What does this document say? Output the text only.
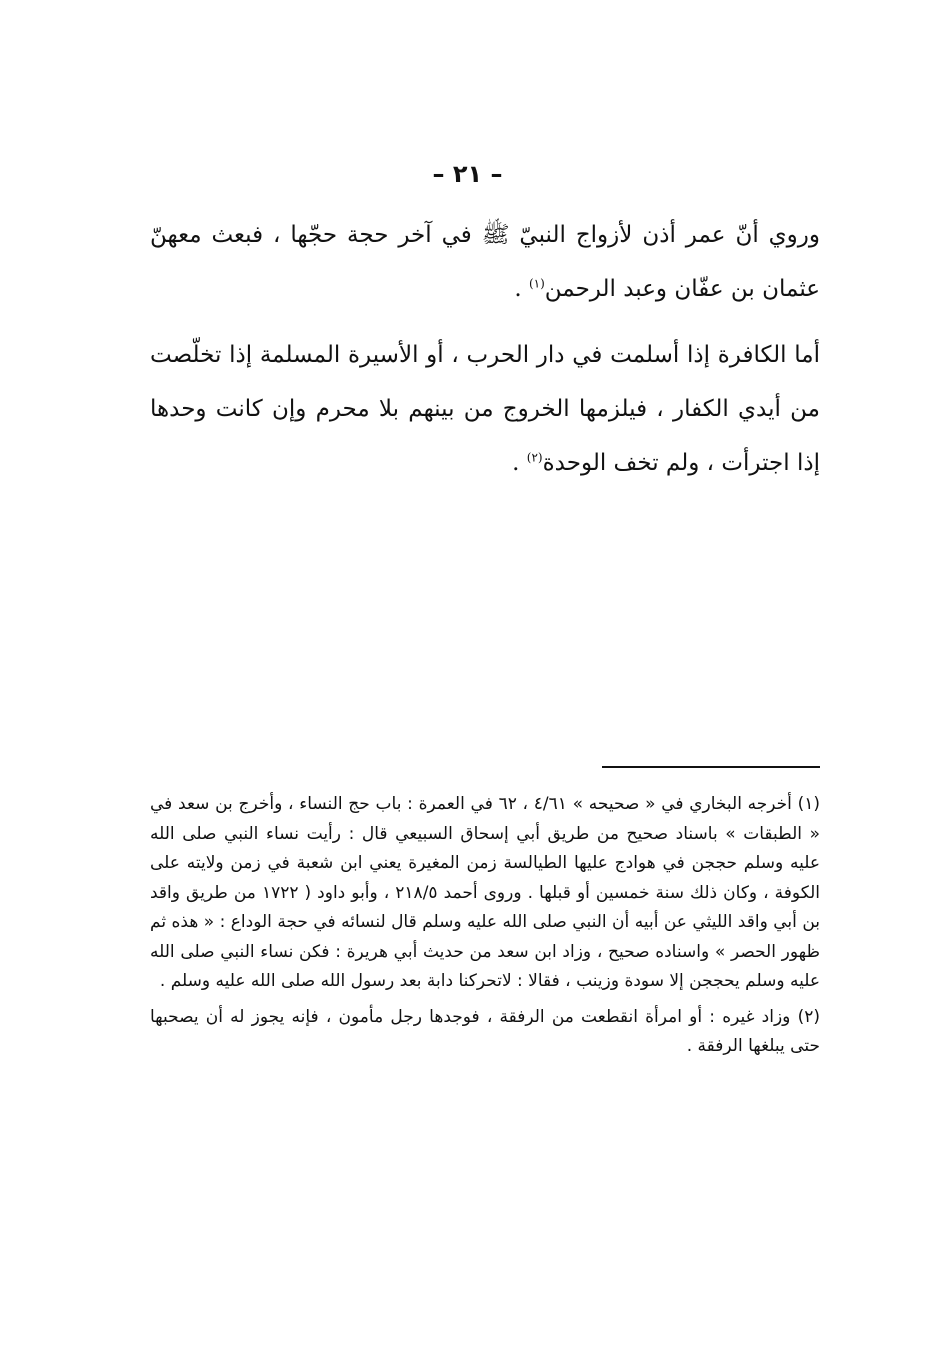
– ٢١ –

وروي أنّ عمر أذن لأزواج النبيّ ﷺ في آخر حجة حجّها ، فبعث معهنّ عثمان بن عفّان وعبد الرحمن$^{(١)}$ .

أما الكافرة إذا أسلمت في دار الحرب ، أو الأسيرة المسلمة إذا تخلّصت من أيدي الكفار ، فيلزمها الخروج من بينهم بلا محرم وإن كانت وحدها إذا اجترأت ، ولم تخف الوحدة$^{(٢)}$ .

(١) أخرجه البخاري في « صحيحه » ٤/٦١ ، ٦٢ في العمرة : باب حج النساء ، وأخرج بن سعد في « الطبقات » باسناد صحيح من طريق أبي إسحاق السبيعي قال : رأيت نساء النبي صلى الله عليه وسلم حججن في هوادج عليها الطيالسة زمن المغيرة يعني ابن شعبة في زمن ولايته على الكوفة ، وكان ذلك سنة خمسين أو قبلها . وروى أحمد ٢١٨/٥ ، وأبو داود ( ١٧٢٢ من طريق واقد بن أبي واقد الليثي عن أبيه أن النبي صلى الله عليه وسلم قال لنسائه في حجة الوداع : « هذه ثم ظهور الحصر » واسناده صحيح ، وزاد ابن سعد من حديث أبي هريرة : فكن نساء النبي صلى الله عليه وسلم يحججن إلا سودة وزينب ، فقالا : لاتحركنا دابة بعد رسول الله صلى الله عليه وسلم .

(٢) وزاد غيره : أو امرأة انقطعت من الرفقة ، فوجدها رجل مأمون ، فإنه يجوز له أن يصحبها حتى يبلغها الرفقة .
